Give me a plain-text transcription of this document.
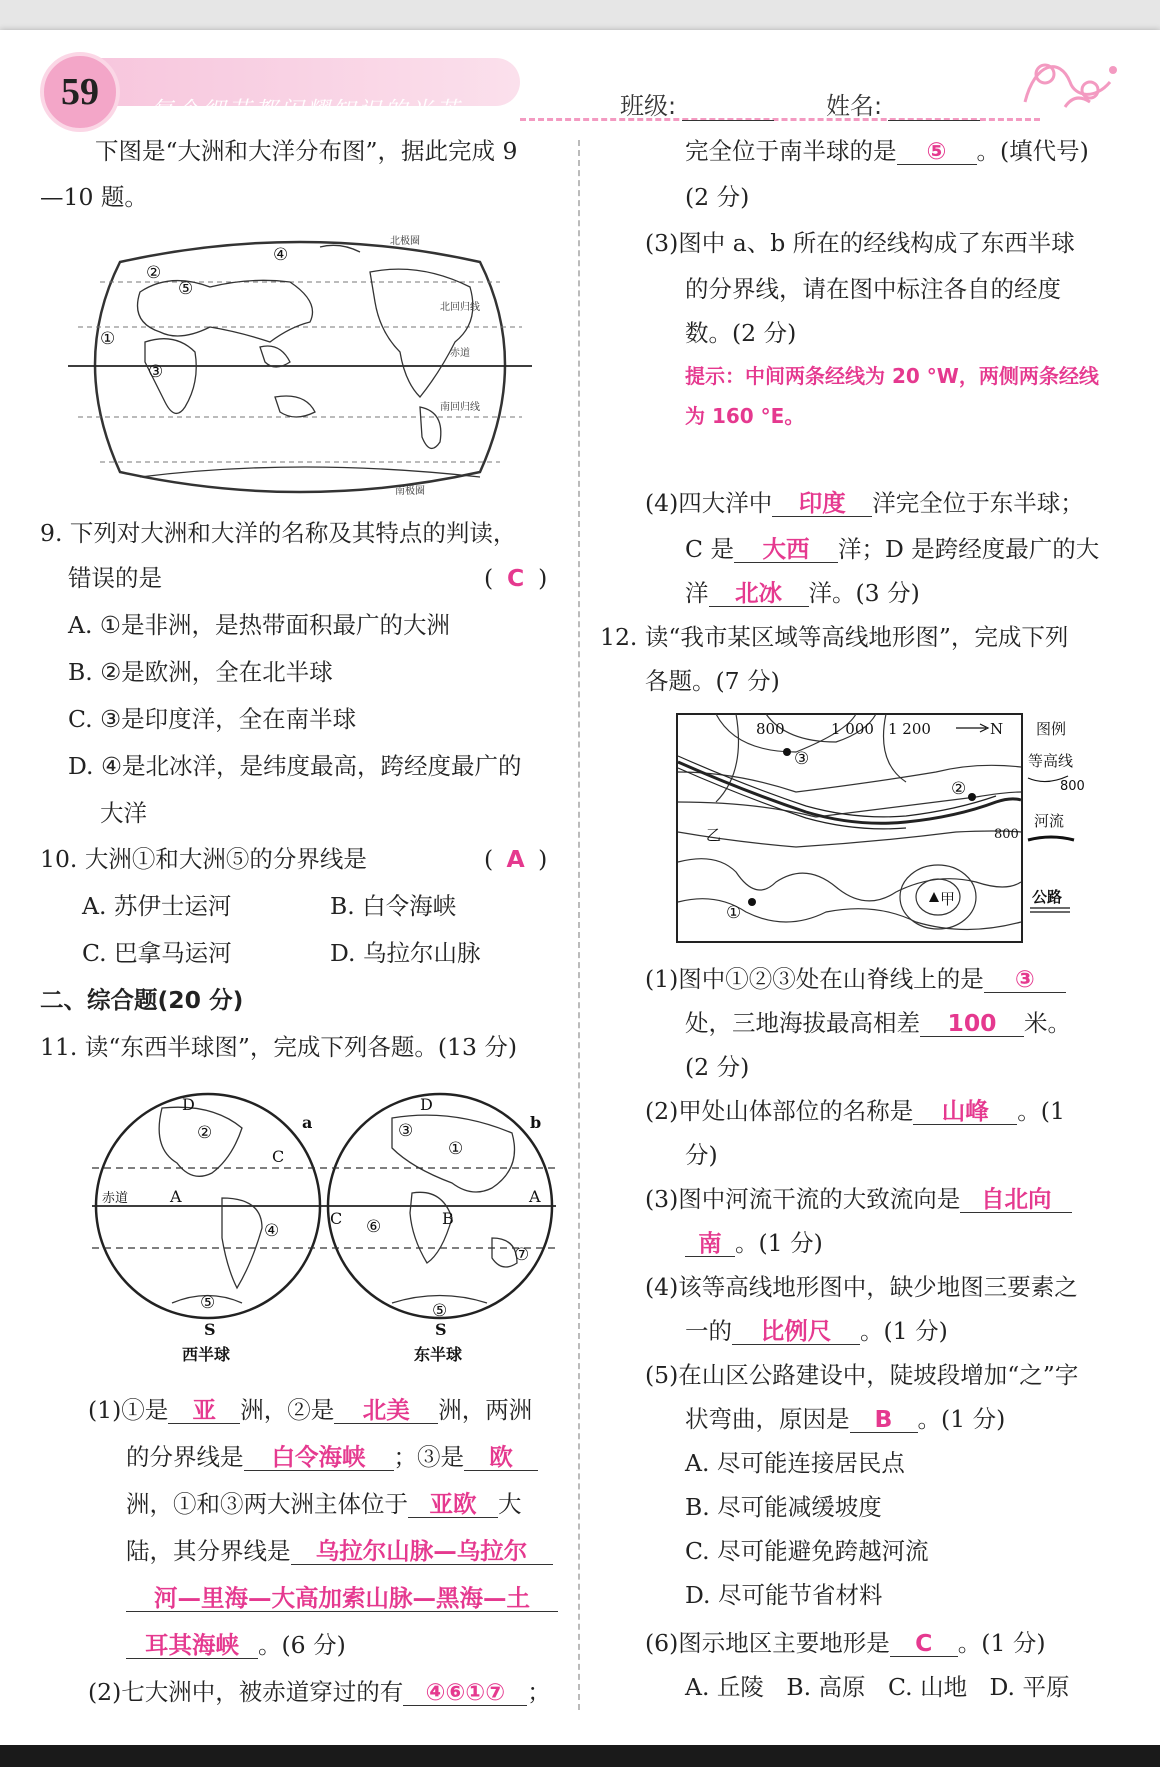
59	每个细节都闪耀知识的光芒	班级:	姓名:
下图是“大洲和大洋分布图”，据此完成 9
—10 题。
北极圈
北回归线
赤道
南回归线
南极圈
④
②
⑤
①
③
9. 下列对大洲和大洋的名称及其特点的判读，
错误的是	( C )
A. ①是非洲，是热带面积最广的大洲
B. ②是欧洲，全在北半球
C. ③是印度洋，全在南半球
D. ④是北冰洋，是纬度最高，跨经度最广的
大洋
10. 大洲①和大洲⑤的分界线是	( A )
A. 苏伊士运河	B. 白令海峡
C. 巴拿马运河	D. 乌拉尔山脉
二、综合题(20 分)
11. 读“东西半球图”，完成下列各题。(13 分)
D	D
a	b
C
C
A	A
B
S	S
赤道
西半球	东半球
②	③
①
④	⑥
⑦
⑤	⑤
(1)①是 亚 洲，②是 北美 洲，两洲
的分界线是 白令海峡 ；③是 欧
洲，①和③两大洲主体位于 亚欧 大
陆，其分界线是 乌拉尔山脉—乌拉尔
河—里海—大高加索山脉—黑海—土
耳其海峡 。(6 分)
(2)七大洲中，被赤道穿过的有 ④⑥①⑦ ；
完全位于南半球的是 ⑤ 。(填代号)
(2 分)
(3)图中 a、b 所在的经线构成了东西半球
的分界线，请在图中标注各自的经度
数。(2 分)
提示：中间两条经线为 20 °W，两侧两条经线
为 160 °E。
(4)四大洋中 印度 洋完全位于东半球；
C 是 大西 洋；D 是跨经度最广的大
洋 北冰 洋。(3 分)
12. 读“我市某区域等高线地形图”，完成下列
各题。(7 分)
800	1 000 1 200	N
800
乙
甲
③
②
①
图例
等高线
800
河流
公路
(1)图中①②③处在山脊线上的是 ③
处，三地海拔最高相差 100 米。
(2 分)
(2)甲处山体部位的名称是 山峰 。(1
分)
(3)图中河流干流的大致流向是 自北向
南 。(1 分)
(4)该等高线地形图中，缺少地图三要素之
一的 比例尺 。(1 分)
(5)在山区公路建设中，陡坡段增加“之”字
状弯曲，原因是 B 。(1 分)
A. 尽可能连接居民点
B. 尽可能减缓坡度
C. 尽可能避免跨越河流
D. 尽可能节省材料
(6)图示地区主要地形是 C 。(1 分)
A. 丘陵 B. 高原 C. 山地 D. 平原
